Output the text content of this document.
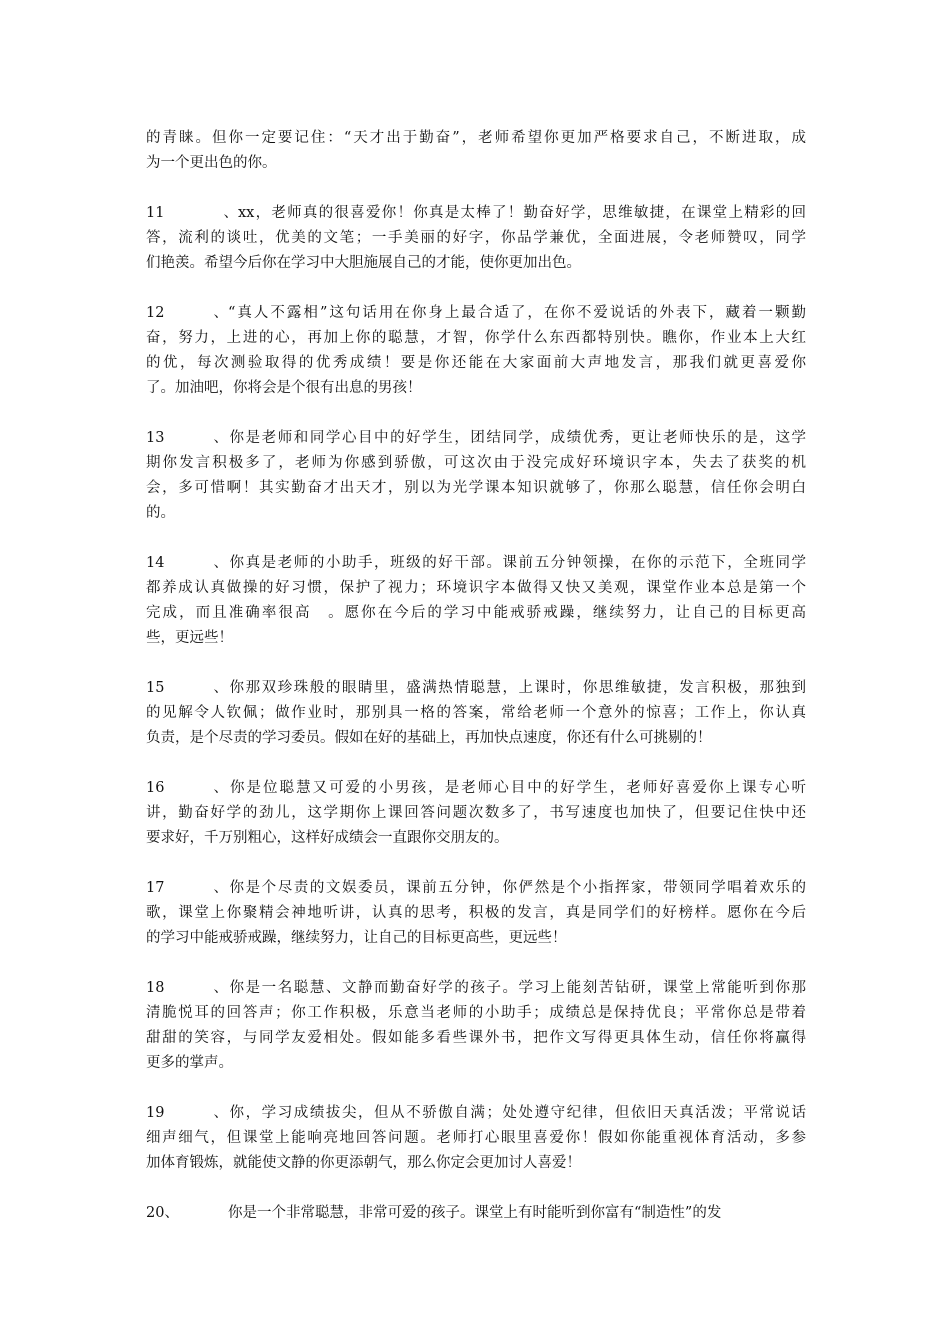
的青睐。但你一定要记住：“天才出于勤奋”，老师希望你更加严格要求自己，不断进取，成
为一个更出色的你。
11、xx，老师真的很喜爱你！你真是太棒了！勤奋好学，思维敏捷，在课堂上精彩的回
答，流利的谈吐，优美的文笔；一手美丽的好字，你品学兼优，全面进展，令老师赞叹，同学
们艳羡。希望今后你在学习中大胆施展自己的才能，使你更加出色。
12、“真人不露相”这句话用在你身上最合适了，在你不爱说话的外表下，藏着一颗勤
奋，努力，上进的心，再加上你的聪慧，才智，你学什么东西都特别快。瞧你，作业本上大红
的优，每次测验取得的优秀成绩！要是你还能在大家面前大声地发言，那我们就更喜爱你
了。加油吧，你将会是个很有出息的男孩！
13、你是老师和同学心目中的好学生，团结同学，成绩优秀，更让老师快乐的是，这学
期你发言积极多了，老师为你感到骄傲，可这次由于没完成好环境识字本，失去了获奖的机
会，多可惜啊！其实勤奋才出天才，别以为光学课本知识就够了，你那么聪慧，信任你会明白
的。
14、你真是老师的小助手，班级的好干部。课前五分钟领操，在你的示范下，全班同学
都养成认真做操的好习惯，保护了视力；环境识字本做得又快又美观，课堂作业本总是第一个
完成，而且准确率很高　。愿你在今后的学习中能戒骄戒躁，继续努力，让自己的目标更高
些，更远些！
15、你那双珍珠般的眼睛里，盛满热情聪慧，上课时，你思维敏捷，发言积极，那独到
的见解令人钦佩；做作业时，那别具一格的答案，常给老师一个意外的惊喜；工作上，你认真
负责，是个尽责的学习委员。假如在好的基础上，再加快点速度，你还有什么可挑剔的！
16、你是位聪慧又可爱的小男孩，是老师心目中的好学生，老师好喜爱你上课专心听
讲，勤奋好学的劲儿，这学期你上课回答问题次数多了，书写速度也加快了，但要记住快中还
要求好，千万别粗心，这样好成绩会一直跟你交朋友的。
17、你是个尽责的文娱委员，课前五分钟，你俨然是个小指挥家，带领同学唱着欢乐的
歌，课堂上你聚精会神地听讲，认真的思考，积极的发言，真是同学们的好榜样。愿你在今后
的学习中能戒骄戒躁，继续努力，让自己的目标更高些，更远些！
18、你是一名聪慧、文静而勤奋好学的孩子。学习上能刻苦钻研，课堂上常能听到你那
清脆悦耳的回答声；你工作积极，乐意当老师的小助手；成绩总是保持优良；平常你总是带着
甜甜的笑容，与同学友爱相处。假如能多看些课外书，把作文写得更具体生动，信任你将赢得
更多的掌声。
19、你，学习成绩拔尖，但从不骄傲自满；处处遵守纪律，但依旧天真活泼；平常说话
细声细气，但课堂上能响亮地回答问题。老师打心眼里喜爱你！假如你能重视体育活动，多参
加体育锻炼，就能使文静的你更添朝气，那么你定会更加讨人喜爱！
20、	你是一个非常聪慧，非常可爱的孩子。课堂上有时能听到你富有“制造性”的发
